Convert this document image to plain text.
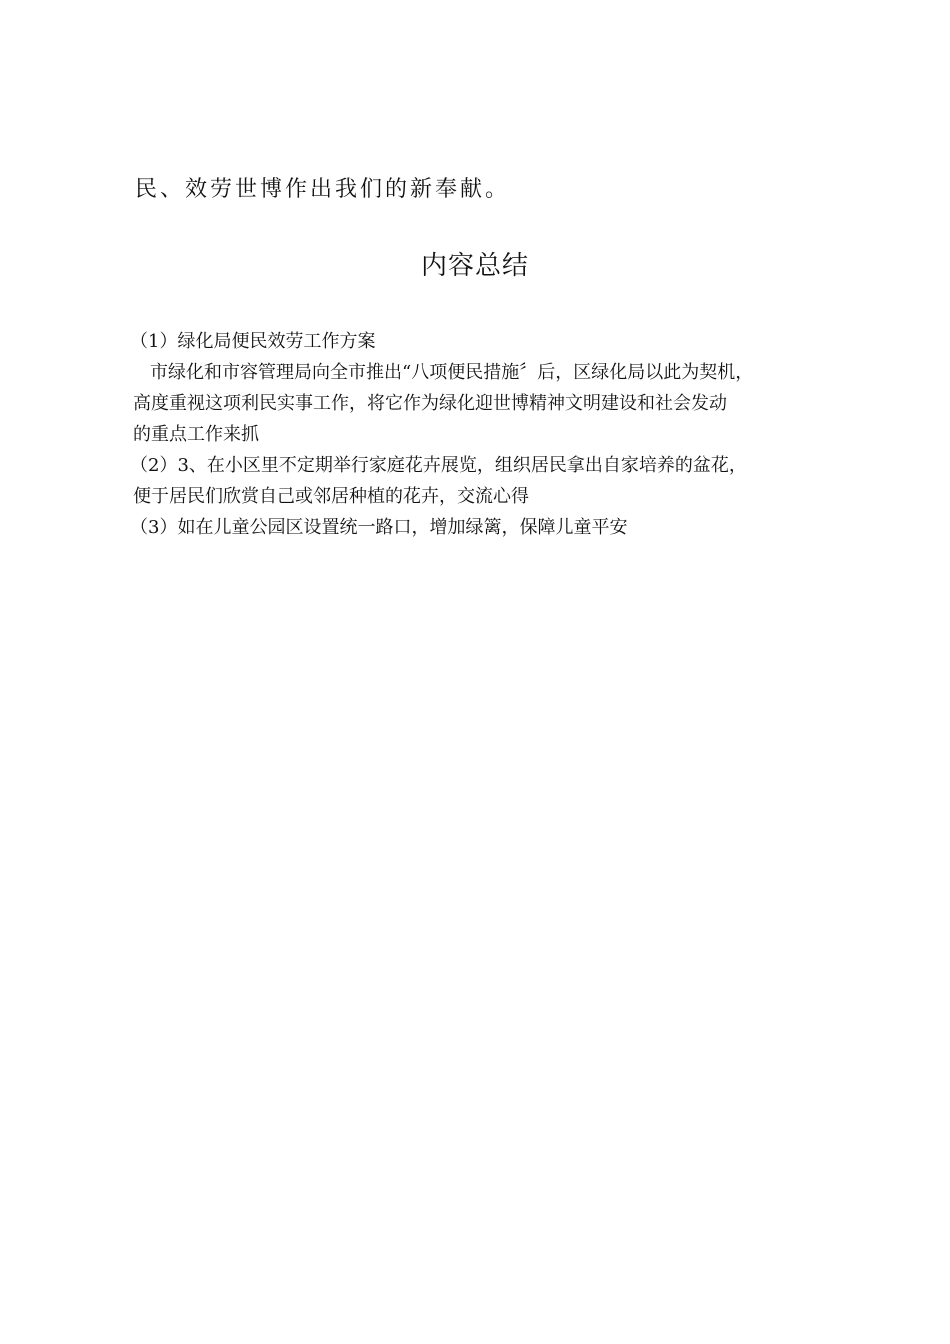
民、效劳世博作出我们的新奉献。
内容总结
（1）绿化局便民效劳工作方案
市绿化和市容管理局向全市推出“八项便民措施〞后，区绿化局以此为契机，
高度重视这项利民实事工作，将它作为绿化迎世博精神文明建设和社会发动
的重点工作来抓
（2）3、在小区里不定期举行家庭花卉展览，组织居民拿出自家培养的盆花，
便于居民们欣赏自己或邻居种植的花卉，交流心得
（3）如在儿童公园区设置统一路口，增加绿篱，保障儿童平安
